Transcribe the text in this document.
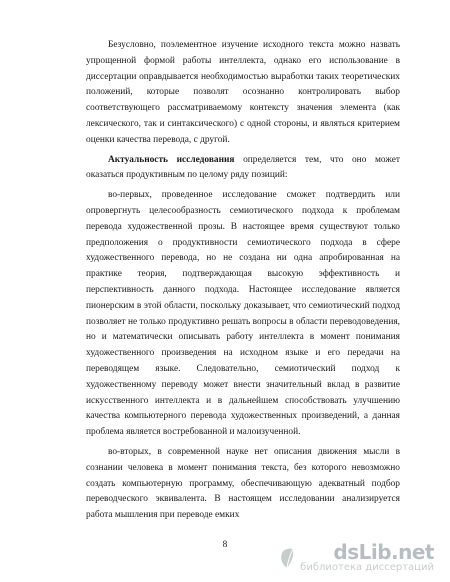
Безусловно, поэлементное изучение исходного текста можно назвать упрощенной формой работы интеллекта, однако его использование в диссертации оправдывается необходимостью выработки таких теоретических положений, которые позволят осознанно контролировать выбор соответствующего рассматриваемому контексту значения элемента (как лексического, так и синтаксического) с одной стороны, и являться критерием оценки качества перевода, с другой.

Актуальность исследования определяется тем, что оно может оказаться продуктивным по целому ряду позиций:

во-первых, проведенное исследование сможет подтвердить или опровергнуть целесообразность семиотического подхода к проблемам перевода художественной прозы. В настоящее время существуют только предположения о продуктивности семиотического подхода в сфере художественного перевода, но не создана ни одна апробированная на практике теория, подтверждающая высокую эффективность и перспективность данного подхода. Настоящее исследование является пионерским в этой области, поскольку доказывает, что семиотический подход позволяет не только продуктивно решать вопросы в области переводоведения, но и математически описывать работу интеллекта в момент понимания художественного произведения на исходном языке и его передачи на переводящем языке. Следовательно, семиотический подход к художественному переводу может внести значительный вклад в развитие искусственного интеллекта и в дальнейшем способствовать улучшению качества компьютерного перевода художественных произведений, а данная проблема является востребованной и малоизученной.

во-вторых, в современной науке нет описания движения мысли в сознании человека в момент понимания текста, без которого невозможно создать компьютерную программу, обеспечивающую адекватный подбор переводческого эквивалента. В настоящем исследовании анализируется работа мышления при переводе емких

8	dsLib.net
библиотека диссертаций
